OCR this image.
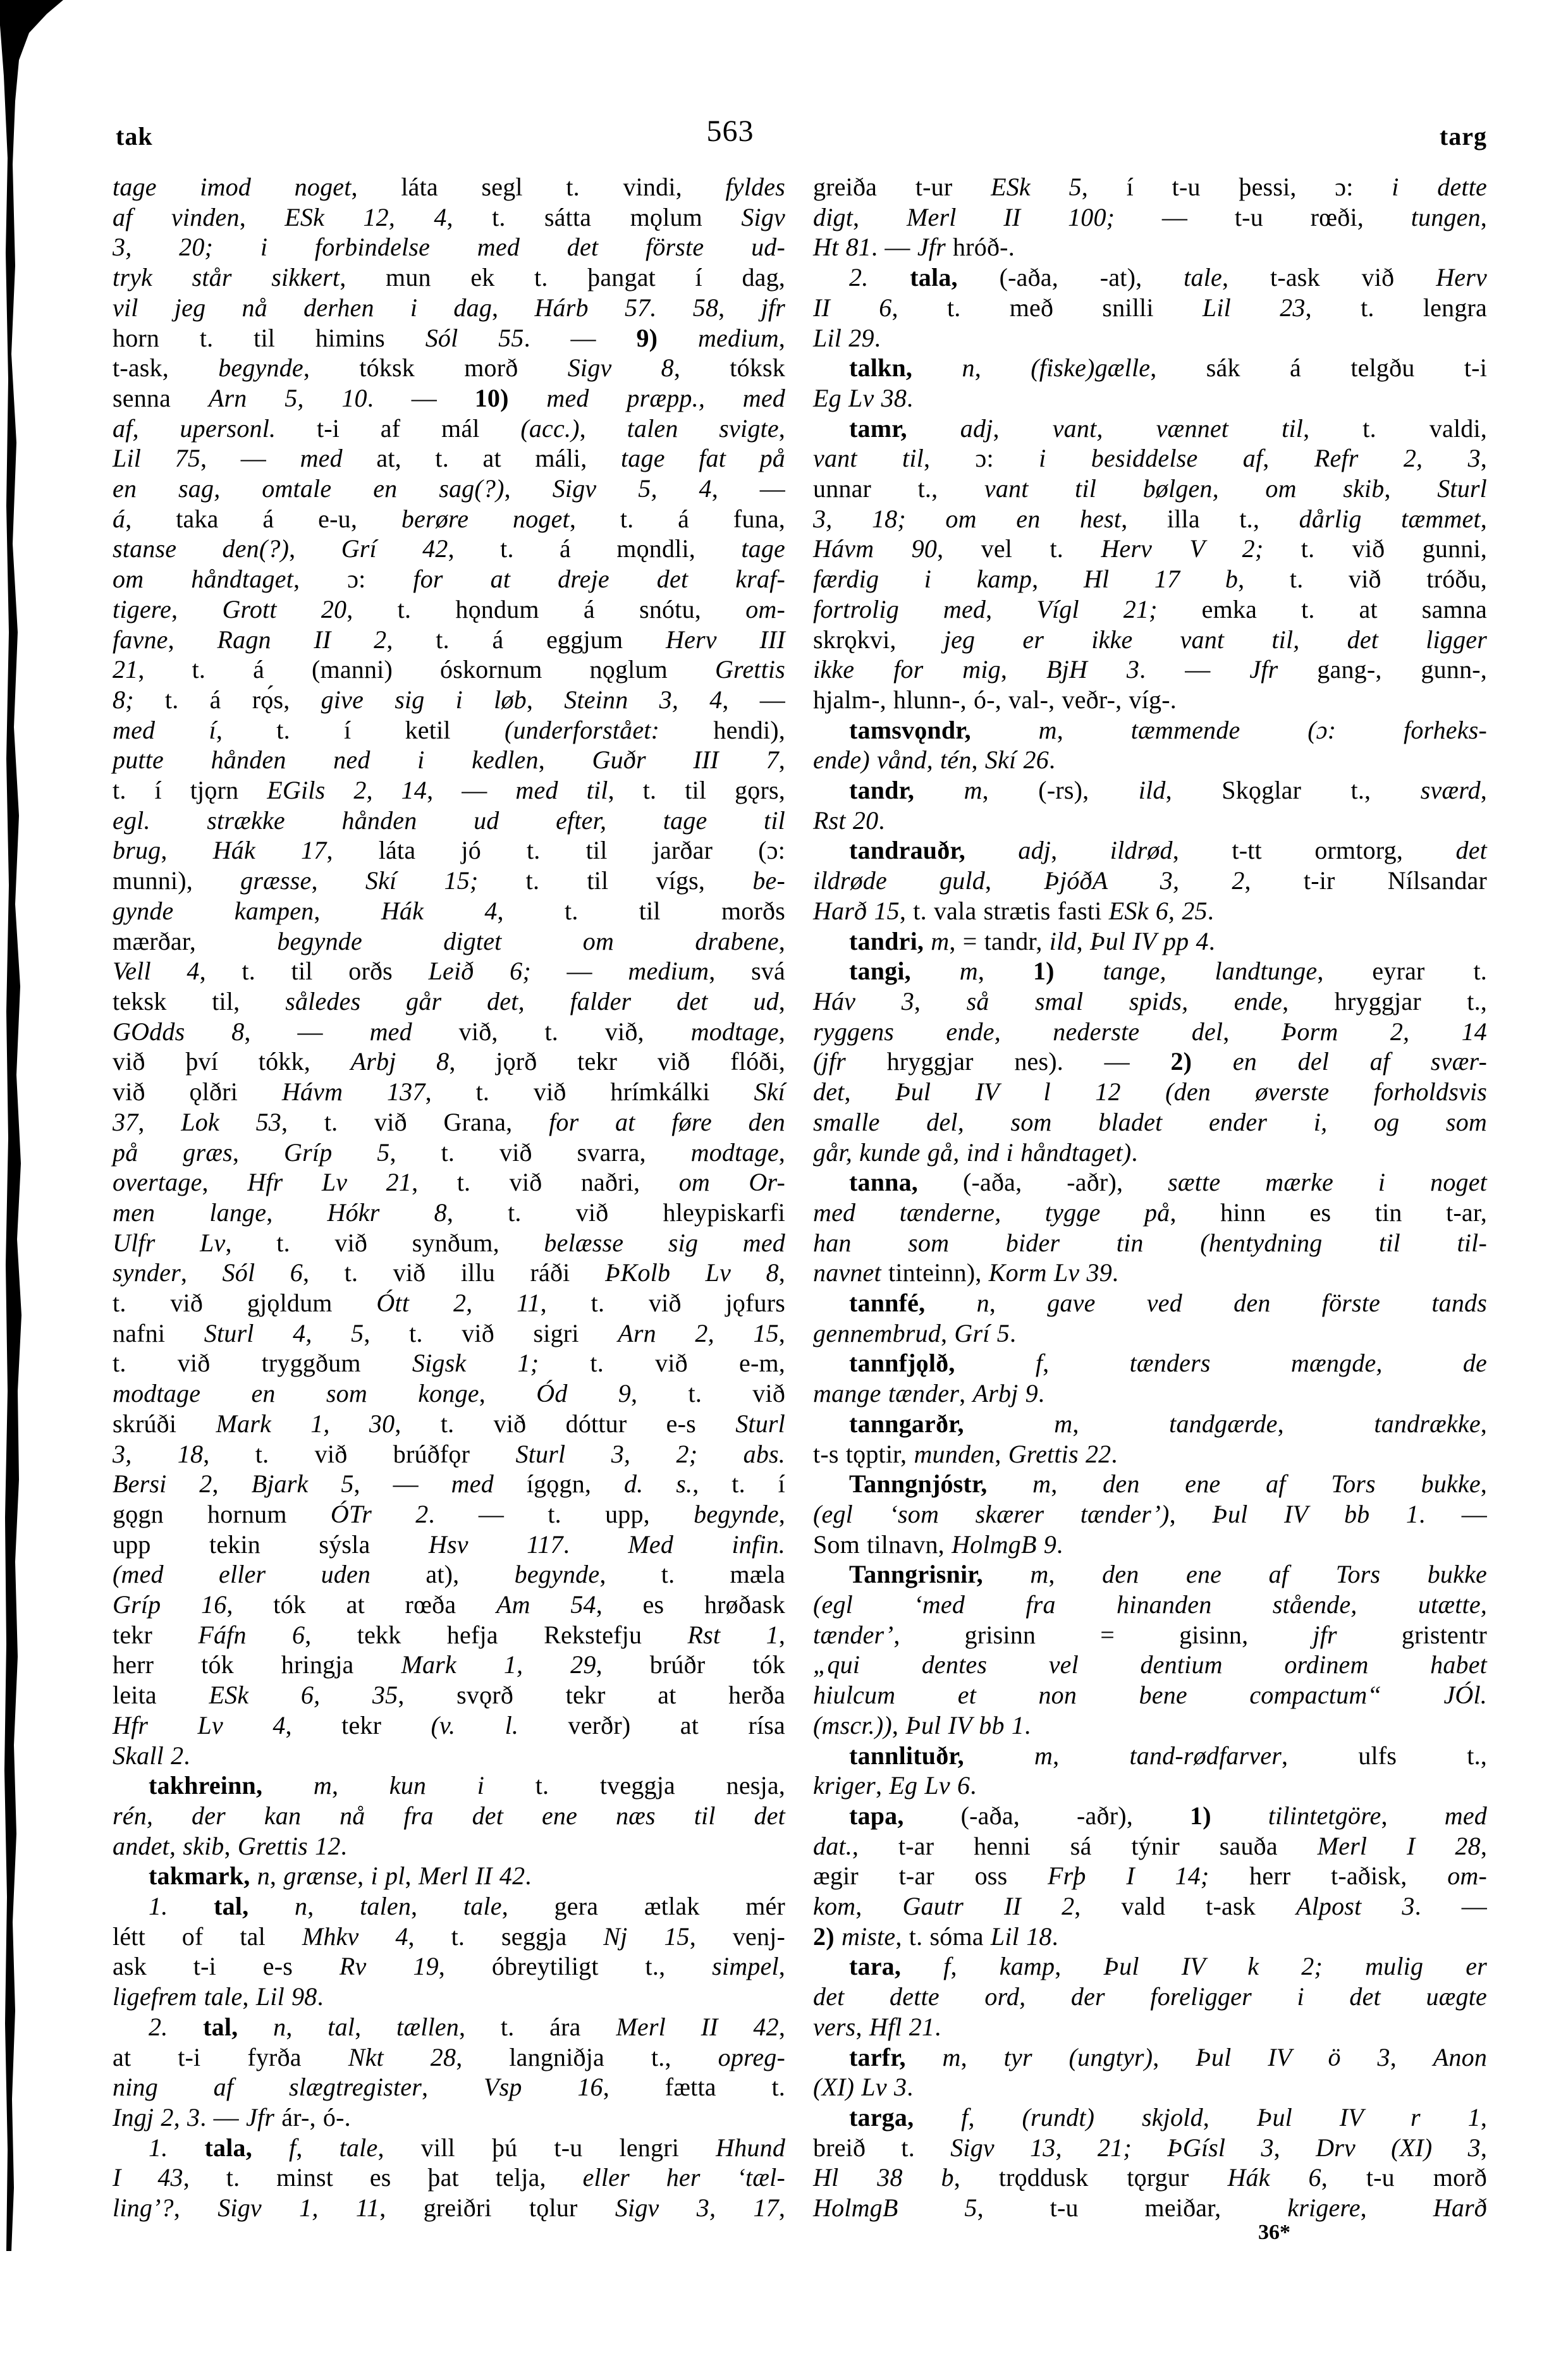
tak	563	targ
tage imod noget, láta segl t. vindi, fyldes
af vinden, ESk 12, 4, t. sátta mǫlum Sigv
3, 20; i forbindelse med det förste ud-
tryk står sikkert, mun ek t. þangat í dag,
vil jeg nå derhen i dag, Hárb 57. 58, jfr
horn t. til himins Sól 55. — 9) medium,
t-ask, begynde, tóksk morð Sigv 8, tóksk
senna Arn 5, 10. — 10) med præpp., med
af, upersonl. t-i af mál (acc.), talen svigte,
Lil 75, — med at, t. at máli, tage fat på
en sag, omtale en sag(?), Sigv 5, 4, —
á, taka á e-u, berøre noget, t. á funa,
stanse den(?), Grí 42, t. á mǫndli, tage
om håndtaget, ɔ: for at dreje det kraf-
tigere, Grott 20, t. hǫndum á snótu, om-
favne, Ragn II 2, t. á eggjum Herv III
21, t. á (manni) óskornum nǫglum Grettis
8; t. á rǫ́s, give sig i løb, Steinn 3, 4, —
med í, t. í ketil (underforstået: hendi),
putte hånden ned i kedlen, Guðr III 7,
t. í tjǫrn EGils 2, 14, — med til, t. til gǫrs,
egl. strække hånden ud efter, tage til
brug, Hák 17, láta jó t. til jarðar (ɔ:
munni), græsse, Skí 15; t. til vígs, be-
gynde kampen, Hák 4, t. til morðs
mærðar, begynde digtet om drabene,
Vell 4, t. til orðs Leið 6; — medium, svá
teksk til, således går det, falder det ud,
GOdds 8, — med við, t. við, modtage,
við því tókk, Arbj 8, jǫrð tekr við flóði,
við ǫlðri Hávm 137, t. við hrímkálki Skí
37, Lok 53, t. við Grana, for at føre den
på græs, Gríp 5, t. við svarra, modtage,
overtage, Hfr Lv 21, t. við naðri, om Or-
men lange, Hókr 8, t. við hleypiskarfi
Ulfr Lv, t. við synðum, belæsse sig med
synder, Sól 6, t. við illu ráði ÞKolb Lv 8,
t. við gjǫldum Ótt 2, 11, t. við jǫfurs
nafni Sturl 4, 5, t. við sigri Arn 2, 15,
t. við tryggðum Sigsk 1; t. við e-m,
modtage en som konge, Ód 9, t. við
skrúði Mark 1, 30, t. við dóttur e-s Sturl
3, 18, t. við brúðfǫr Sturl 3, 2; abs.
Bersi 2, Bjark 5, — med ígǫgn, d. s., t. í
gǫgn hornum ÓTr 2. — t. upp, begynde,
upp tekin sýsla Hsv 117. Med infin.
(med eller uden at), begynde, t. mæla
Gríp 16, tók at rœða Am 54, es hrøðask
tekr Fáfn 6, tekk hefja Rekstefju Rst 1,
herr tók hringja Mark 1, 29, brúðr tók
leita ESk 6, 35, svǫrð tekr at herða
Hfr Lv 4, tekr (v. l. verðr) at rísa
Skall 2.
takhreinn, m, kun i t. tveggja nesja,
rén, der kan nå fra det ene næs til det
andet, skib, Grettis 12.
takmark, n, grænse, i pl, Merl II 42.
1. tal, n, talen, tale, gera ætlak mér
létt of tal Mhkv 4, t. seggja Nj 15, venj-
ask t-i e-s Rv 19, óbreytiligt t., simpel,
ligefrem tale, Lil 98.
2. tal, n, tal, tællen, t. ára Merl II 42,
at t-i fyrða Nkt 28, langniðja t., opreg-
ning af slægtregister, Vsp 16, fætta t.
Ingj 2, 3. — Jfr ár-, ó-.
1. tala, f, tale, vill þú t-u lengri Hhund
I 43, t. minst es þat telja, eller her ‘tæl-
ling’?, Sigv 1, 11, greiðri tǫlur Sigv 3, 17,
greiða t-ur ESk 5, í t-u þessi, ɔ: i dette
digt, Merl II 100; — t-u rœði, tungen,
Ht 81. — Jfr hróð-.
2. tala, (-aða, -at), tale, t-ask við Herv
II 6, t. með snilli Lil 23, t. lengra
Lil 29.
talkn, n, (fiske)gælle, sák á telgðu t-i
Eg Lv 38.
tamr, adj, vant, vænnet til, t. valdi,
vant til, ɔ: i besiddelse af, Refr 2, 3,
unnar t., vant til bølgen, om skib, Sturl
3, 18; om en hest, illa t., dårlig tæmmet,
Hávm 90, vel t. Herv V 2; t. við gunni,
færdig i kamp, Hl 17 b, t. við tróðu,
fortrolig med, Vígl 21; emka t. at samna
skrǫkvi, jeg er ikke vant til, det ligger
ikke for mig, BjH 3. — Jfr gang-, gunn-,
hjalm-, hlunn-, ó-, val-, veðr-, víg-.
tamsvǫndr,	m, tæmmende (ɔ: forheks-
ende) vånd, tén, Skí 26.
tandr, m, (-rs), ild, Skǫglar t., sværd,
Rst 20.
tandrauðr, adj, ildrød, t-tt ormtorg, det
ildrøde guld, ÞjóðA 3, 2, t-ir Nílsandar
Harð 15, t. vala strætis fasti ESk 6, 25.
tandri, m, = tandr, ild, Þul IV pp 4.
tangi, m, 1) tange, landtunge, eyrar t.
Háv 3, så smal spids, ende, hryggjar t.,
ryggens ende, nederste del, Þorm 2, 14
(jfr hryggjar nes). — 2) en del af svær-
det, Þul IV l 12 (den øverste forholdsvis
smalle del, som bladet ender i, og som
går, kunde gå, ind i håndtaget).
tanna, (-aða, -aðr), sætte mærke i noget
med tænderne, tygge på, hinn es tin t-ar,
han som bider tin (hentydning til til-
navnet tinteinn), Korm Lv 39.
tannfé, n, gave ved den förste tands
gennembrud, Grí 5.
tannfjǫlð,	f, tænders mængde, de
mange tænder, Arbj 9.
tanngarðr,	m, tandgærde, tandrække,
t-s tǫptir, munden, Grettis 22.
Tanngnjóstr, m, den ene af Tors bukke,
(egl ‘som skærer tænder’), Þul IV bb 1. —
Som tilnavn, HolmgB 9.
Tanngrisnir, m, den ene af Tors bukke
(egl ‘med fra hinanden stående, utætte,
tænder’, grisinn = gisinn, jfr gristentr
„qui dentes vel dentium ordinem habet
hiulcum et non bene compactum“ JÓl.
(mscr.)), Þul IV bb 1.
tannlituðr,	m, tand-rødfarver, ulfs t.,
kriger, Eg Lv 6.
tapa, (-aða, -aðr), 1) tilintetgöre, med
dat., t-ar henni sá týnir sauða Merl I 28,
ægir t-ar oss Frþ I 14; herr t-aðisk, om-
kom, Gautr II 2, vald t-ask Alpost 3. —
2) miste, t. sóma Lil 18.
tara, f, kamp, Þul IV k 2; mulig er
det dette ord, der foreligger i det uægte
vers, Hfl 21.
tarfr, m, tyr (ungtyr), Þul IV ö 3, Anon
(XI) Lv 3.
targa, f, (rundt) skjold, Þul IV r 1,
breið t. Sigv 13, 21; ÞGísl 3, Drv (XI) 3,
Hl 38 b, trǫddusk tǫrgur Hák 6, t-u morð
HolmgB 5, t-u meiðar, krigere, Harð
36*
